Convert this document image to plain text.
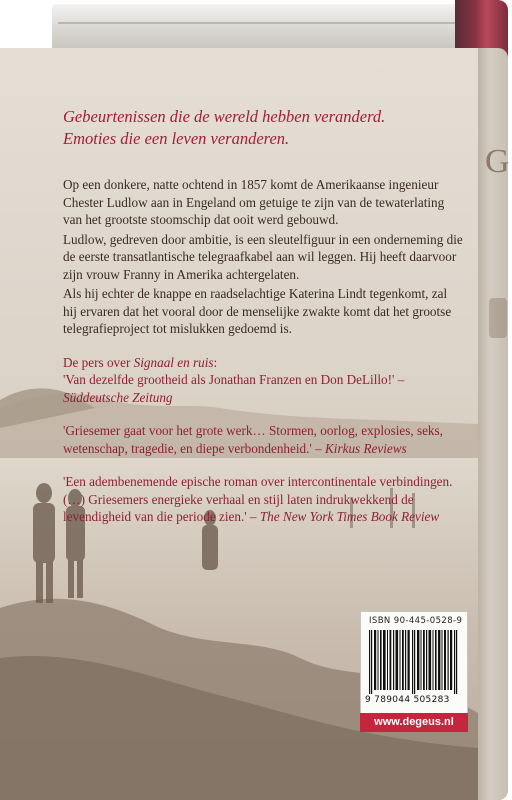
G
Gebeurtenissen die de wereld hebben veranderd.
Emoties die een leven veranderen.

Op een donkere, natte ochtend in 1857 komt de Amerikaanse ingenieur Chester Ludlow aan in Engeland om getuige te zijn van de tewaterlating van het grootste stoomschip dat ooit werd gebouwd.

Ludlow, gedreven door ambitie, is een sleutelfiguur in een onderneming die de eerste transatlantische telegraafkabel aan wil leggen. Hij heeft daarvoor zijn vrouw Franny in Amerika achtergelaten.

Als hij echter de knappe en raadselachtige Katerina Lindt tegenkomt, zal hij ervaren dat het vooral door de menselijke zwakte komt dat het grootse telegrafieproject tot mislukken gedoemd is.

De pers over Signaal en ruis:

'Van dezelfde grootheid als Jonathan Franzen en Don DeLillo!' – Süddeutsche Zeitung

'Griesemer gaat voor het grote werk… Stormen, oorlog, explosies, seks, wetenschap, tragedie, en diepe verbondenheid.' – Kirkus Reviews

'Een adembenemende epische roman over intercontinentale verbindingen. (…) Griesemers energieke verhaal en stijl laten indrukwekkend de levendigheid van die periode zien.' – The New York Times Book Review

ISBN 90-445-0528-9
9 789044 505283
www.degeus.nl
